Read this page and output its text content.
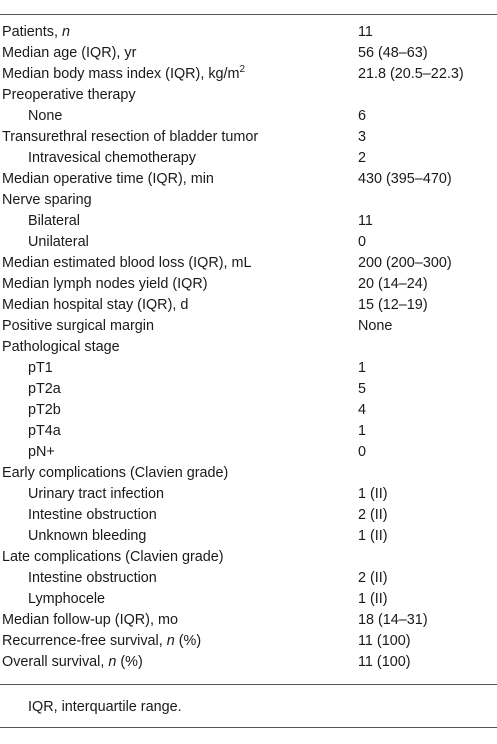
Patients, n	11
Median age (IQR), yr	56 (48–63)
Median body mass index (IQR), $kg/m^2$	21.8 (20.5–22.3)
Preoperative therapy
None	6
Transurethral resection of bladder tumor	3
Intravesical chemotherapy	2
Median operative time (IQR), min	430 (395–470)
Nerve sparing
Bilateral	11
Unilateral	0
Median estimated blood loss (IQR), mL	200 (200–300)
Median lymph nodes yield (IQR)	20 (14–24)
Median hospital stay (IQR), d	15 (12–19)
Positive surgical margin	None
Pathological stage
pT1	1
pT2a	5
pT2b	4
pT4a	1
pN+	0
Early complications (Clavien grade)
Urinary tract infection	1 (II)
Intestine obstruction	2 (II)
Unknown bleeding	1 (II)
Late complications (Clavien grade)
Intestine obstruction	2 (II)
Lymphocele	1 (II)
Median follow-up (IQR), mo	18 (14–31)
Recurrence-free survival, n (%)	11 (100)
Overall survival, n (%)	11 (100)
IQR, interquartile range.
